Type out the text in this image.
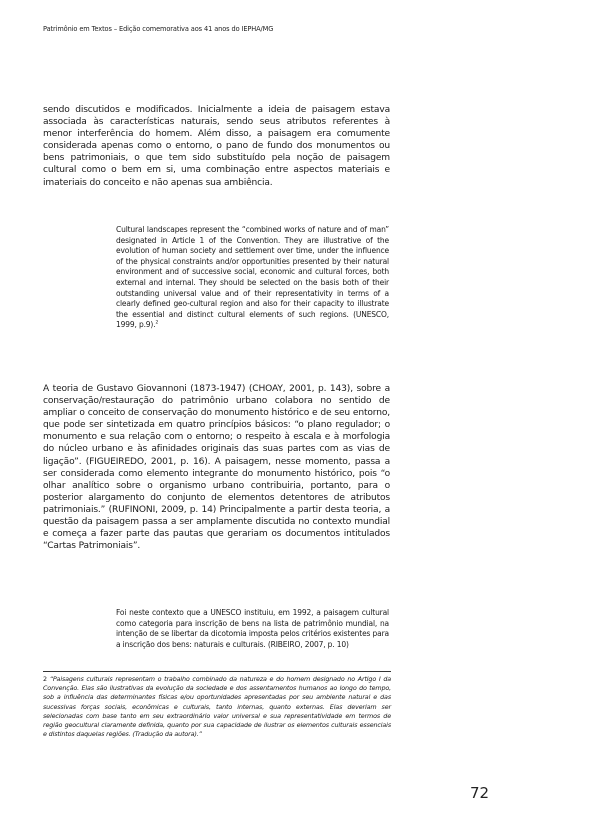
Patrimônio em Textos – Edição comemorativa aos 41 anos do IEPHA/MG

sendo discutidos e modificados. Inicialmente a ideia de paisagem estava associada às características naturais, sendo seus atributos referentes à menor interferência do homem. Além disso, a paisagem era comumente considerada apenas como o entorno, o pano de fundo dos monumentos ou bens patrimoniais, o que tem sido substituído pela noção de paisagem cultural como o bem em si, uma combinação entre aspectos materiais e imateriais do conceito e não apenas sua ambiência.

Cultural landscapes represent the “combined works of nature and of man” designated in Article 1 of the Convention. They are illustrative of the evolution of human society and settlement over time, under the influence of the physical constraints and/or opportunities presented by their natural environment and of successive social, economic and cultural forces, both external and internal. They should be selected on the basis both of their outstanding universal value and of their representativity in terms of a clearly defined geo-cultural region and also for their capacity to illustrate the essential and distinct cultural elements of such regions. (UNESCO, 1999, p.9).$^2$

A teoria de Gustavo Giovannoni (1873-1947) (CHOAY, 2001, p. 143), sobre a conservação/restauração do patrimônio urbano colabora no sentido de ampliar o conceito de conservação do monumento histórico e de seu entorno, que pode ser sintetizada em quatro princípios básicos: “o plano regulador; o monumento e sua relação com o entorno; o respeito à escala e à morfologia do núcleo urbano e às afinidades originais das suas partes com as vias de ligação”. (FIGUEIREDO, 2001, p. 16). A paisagem, nesse momento, passa a ser considerada como elemento integrante do monumento histórico, pois “o olhar analítico sobre o organismo urbano contribuiria, portanto, para o posterior alargamento do conjunto de elementos detentores de atributos patrimoniais.” (RUFINONI, 2009, p. 14) Principalmente a partir desta teoria, a questão da paisagem passa a ser amplamente discutida no contexto mundial e começa a fazer parte das pautas que gerariam os documentos intitulados “Cartas Patrimoniais”.

Foi neste contexto que a UNESCO instituiu, em 1992, a paisagem cultural como categoria para inscrição de bens na lista de patrimônio mundial, na intenção de se libertar da dicotomia imposta pelos critérios existentes para a inscrição dos bens: naturais e culturais. (RIBEIRO, 2007, p. 10)

2 “Paisagens culturais representam o trabalho combinado da natureza e do homem designado no Artigo I da Convenção. Elas são ilustrativas da evolução da sociedade e dos assentamentos humanos ao longo do tempo, sob a influência das determinantes físicas e/ou oportunidades apresentadas por seu ambiente natural e das sucessivas forças sociais, econômicas e culturais, tanto internas, quanto externas. Elas deveriam ser selecionadas com base tanto em seu extraordinário valor universal e sua representatividade em termos de região geocultural claramente definida, quanto por sua capacidade de ilustrar os elementos culturais essenciais e distintos daquelas regiões. (Tradução da autora).”

72
